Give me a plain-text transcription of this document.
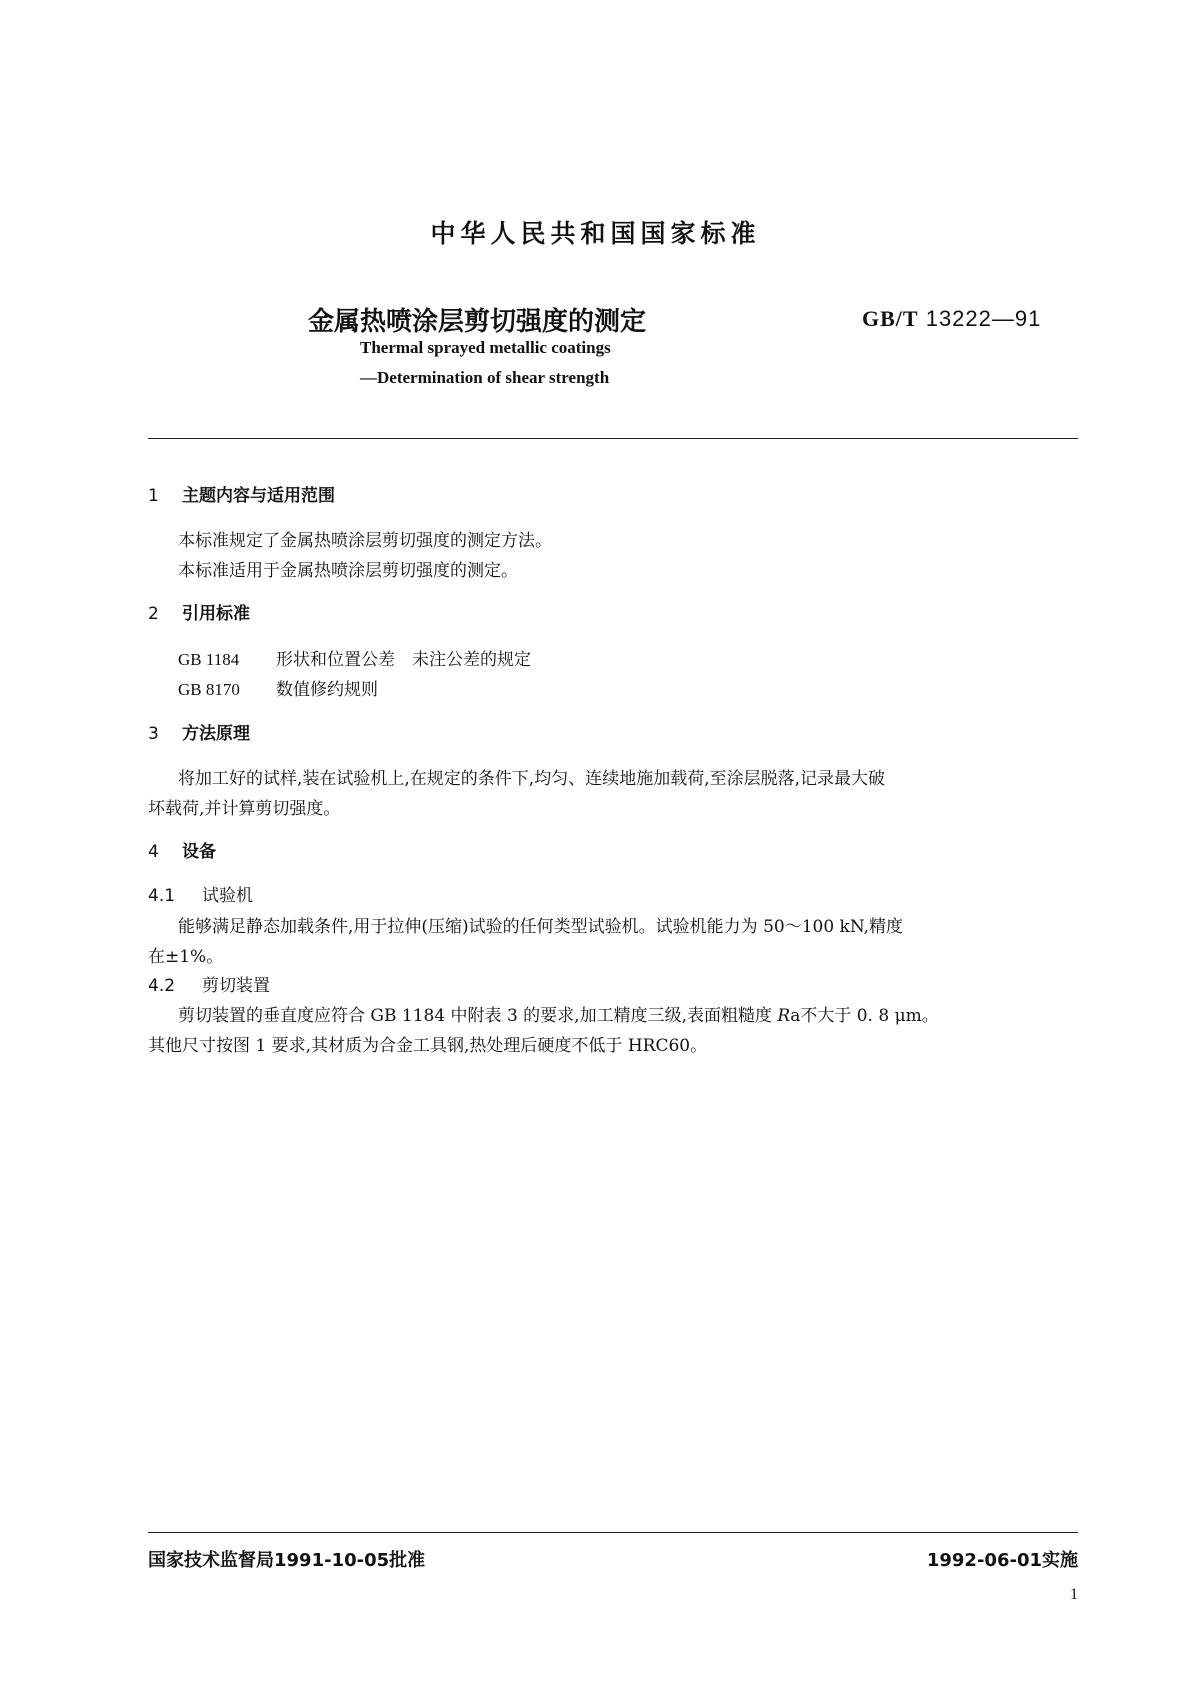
中华人民共和国国家标准
金属热喷涂层剪切强度的测定	GB/T 13222—91
Thermal sprayed metallic coatings
—Determination of shear strength
1 主题内容与适用范围
本标准规定了金属热喷涂层剪切强度的测定方法。
本标准适用于金属热喷涂层剪切强度的测定。
2 引用标准
GB 1184 形状和位置公差　未注公差的规定
GB 8170 数值修约规则
3 方法原理
将加工好的试样,装在试验机上,在规定的条件下,均匀、连续地施加载荷,至涂层脱落,记录最大破
坏载荷,并计算剪切强度。
4 设备
4.1 试验机
能够满足静态加载条件,用于拉伸(压缩)试验的任何类型试验机。试验机能力为 50～100 kN,精度
在±1%。
4.2 剪切装置
剪切装置的垂直度应符合 GB 1184 中附表 3 的要求,加工精度三级,表面粗糙度 Ra不大于 0. 8 μm。
其他尺寸按图 1 要求,其材质为合金工具钢,热处理后硬度不低于 HRC60。
国家技术监督局1991-10-05批准	1992-06-01实施
1
